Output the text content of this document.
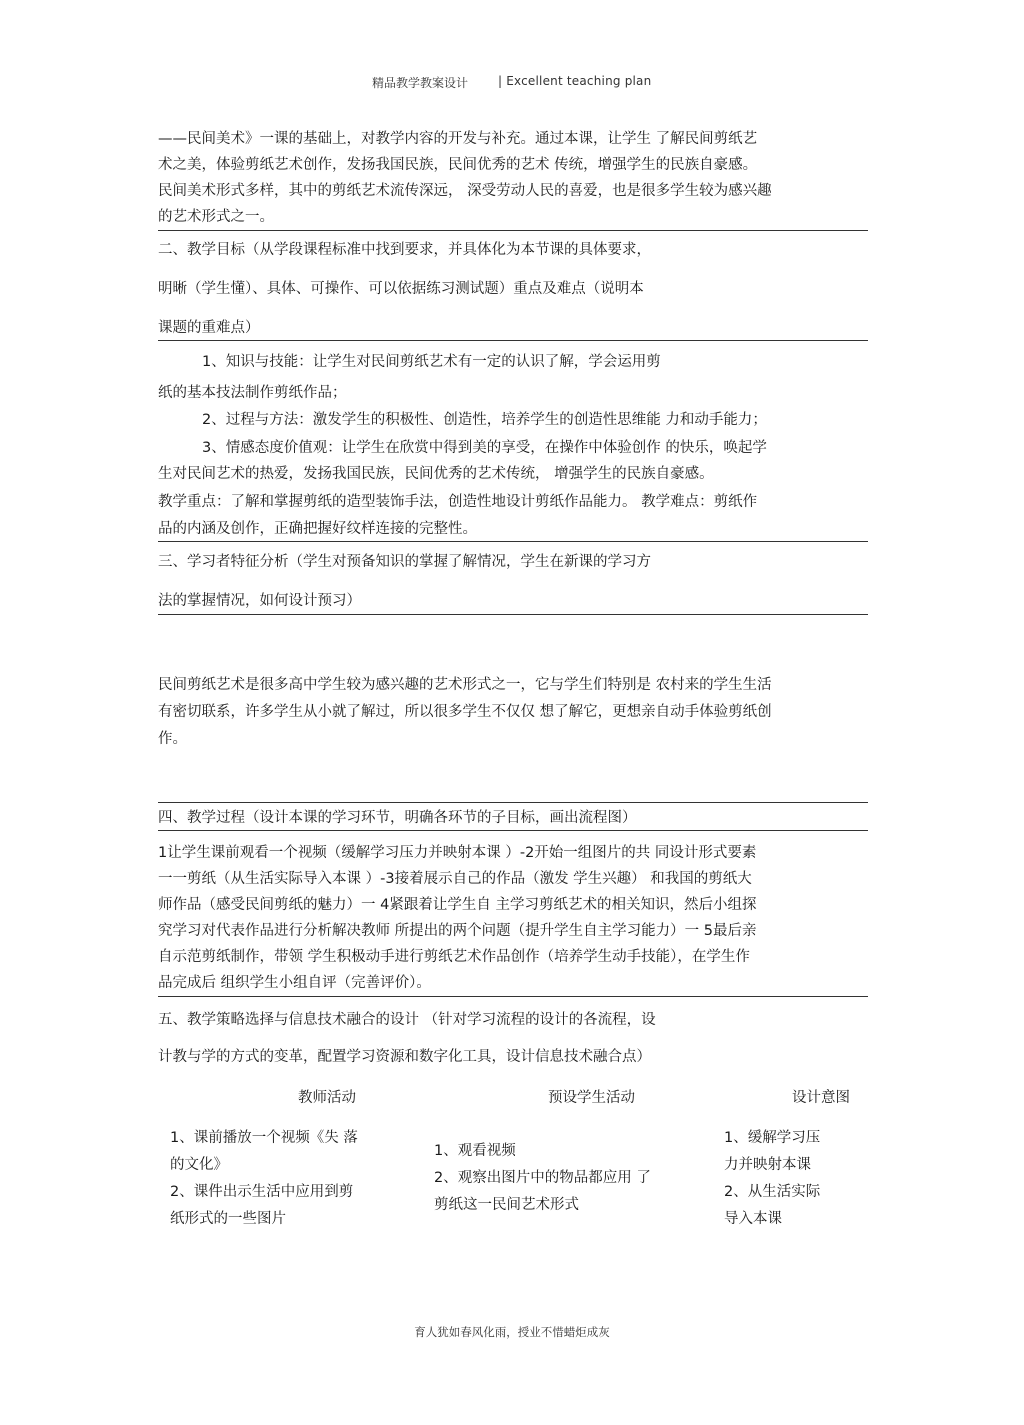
精品教学教案设计 | Excellent teaching plan
——民间美术》一课的基础上，对教学内容的开发与补充。通过本课，让学生 了解民间剪纸艺
术之美，体验剪纸艺术创作，发扬我国民族，民间优秀的艺术 传统，增强学生的民族自豪感。
民间美术形式多样，其中的剪纸艺术流传深远， 深受劳动人民的喜爱，也是很多学生较为感兴趣
的艺术形式之一。
二、教学目标（从学段课程标准中找到要求，并具体化为本节课的具体要求，
明晰（学生懂）、具体、可操作、可以依据练习测试题）重点及难点（说明本
课题的重难点）
1、知识与技能：让学生对民间剪纸艺术有一定的认识了解，学会运用剪
纸的基本技法制作剪纸作品；
2、过程与方法：激发学生的积极性、创造性，培养学生的创造性思维能 力和动手能力；
3、情感态度价值观：让学生在欣赏中得到美的享受，在操作中体验创作 的快乐，唤起学
生对民间艺术的热爱，发扬我国民族，民间优秀的艺术传统， 增强学生的民族自豪感。
教学重点：了解和掌握剪纸的造型装饰手法，创造性地设计剪纸作品能力。 教学难点：剪纸作
品的内涵及创作，正确把握好纹样连接的完整性。
三、学习者特征分析（学生对预备知识的掌握了解情况，学生在新课的学习方
法的掌握情况，如何设计预习）
民间剪纸艺术是很多高中学生较为感兴趣的艺术形式之一，它与学生们特别是 农村来的学生生活
有密切联系，许多学生从小就了解过，所以很多学生不仅仅 想了解它，更想亲自动手体验剪纸创
作。
四、教学过程（设计本课的学习环节，明确各环节的子目标，画出流程图）
1让学生课前观看一个视频（缓解学习压力并映射本课 ）-2开始一组图片的共 同设计形式要素
一一剪纸（从生活实际导入本课 ）-3接着展示自己的作品（激发 学生兴趣） 和我国的剪纸大
师作品（感受民间剪纸的魅力）一 4紧跟着让学生自 主学习剪纸艺术的相关知识，然后小组探
究学习对代表作品进行分析解决教师 所提出的两个问题（提升学生自主学习能力）一 5最后亲
自示范剪纸制作，带领 学生积极动手进行剪纸艺术作品创作（培养学生动手技能），在学生作
品完成后 组织学生小组自评（完善评价）。
五、教学策略选择与信息技术融合的设计 （针对学习流程的设计的各流程，设
计教与学的方式的变革，配置学习资源和数字化工具，设计信息技术融合点）
教师活动	预设学生活动	设计意图
1、课前播放一个视频《失 落
的文化》
2、课件出示生活中应用到剪
纸形式的一些图片
1、观看视频
2、观察出图片中的物品都应用 了
剪纸这一民间艺术形式
1、缓解学习压
力并映射本课
2、从生活实际
导入本课
育人犹如春风化雨，授业不惜蜡炬成灰
